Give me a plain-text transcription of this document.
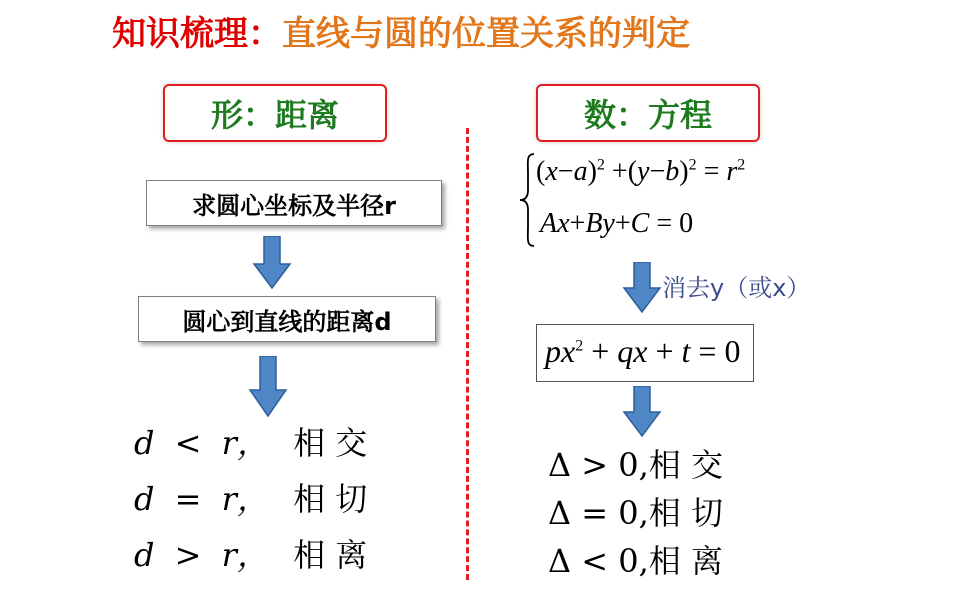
知识梳理：直线与圆的位置关系的判定
形：距离	数：方程
求圆心坐标及半径r
圆心到直线的距离d
d < r， 相 交
d = r， 相 切
d > r， 相 离
$(x-a)^2 +(y-b)^2 = r^2$
Ax+By+C = 0
消去y（或x）
$px^2$ + qx + t = 0
Δ > 0,相 交
Δ = 0,相 切
Δ < 0,相 离
